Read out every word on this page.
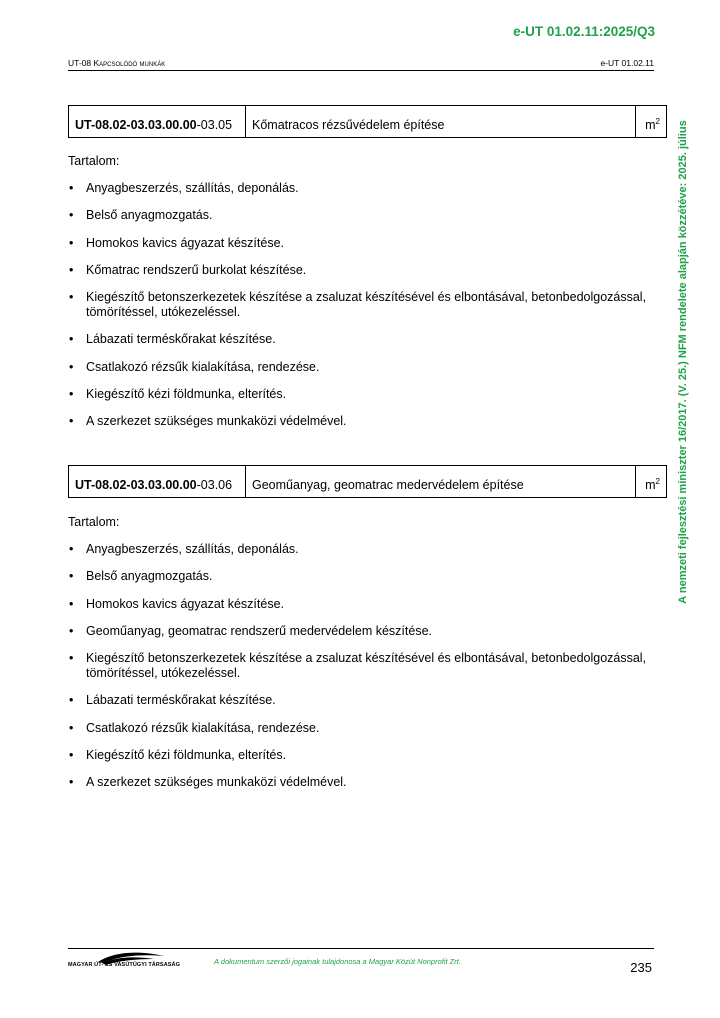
e-UT 01.02.11:2025/Q3
UT-08 Kapcsolódó munkák	e-UT 01.02.11
A nemzeti fejlesztési miniszter 16/2017. (V. 25.) NFM rendelete alapján közzétéve: 2025. július
UT-08.02-03.03.00.00-03.05	Kőmatracos rézsűvédelem építése	$m^2$
Tartalom:
• Anyagbeszerzés, szállítás, deponálás.
• Belső anyagmozgatás.
• Homokos kavics ágyazat készítése.
• Kőmatrac rendszerű burkolat készítése.
• Kiegészítő betonszerkezetek készítése a zsaluzat készítésével és elbontásával, betonbedolgozással, tömörítéssel, utókezeléssel.
• Lábazati terméskőrakat készítése.
• Csatlakozó rézsűk kialakítása, rendezése.
• Kiegészítő kézi földmunka, elterítés.
• A szerkezet szükséges munkaközi védelmével.
UT-08.02-03.03.00.00-03.06	Geoműanyag, geomatrac medervédelem építése	$m^2$
Tartalom:
• Anyagbeszerzés, szállítás, deponálás.
• Belső anyagmozgatás.
• Homokos kavics ágyazat készítése.
• Geoműanyag, geomatrac rendszerű medervédelem készítése.
• Kiegészítő betonszerkezetek készítése a zsaluzat készítésével és elbontásával, betonbedolgozással, tömörítéssel, utókezeléssel.
• Lábazati terméskőrakat készítése.
• Csatlakozó rézsűk kialakítása, rendezése.
• Kiegészítő kézi földmunka, elterítés.
• A szerkezet szükséges munkaközi védelmével.
MAGYAR ÚT- ÉS VASÚTÜGYI TÁRSASÁG	A dokumentum szerzői jogainak tulajdonosa a Magyar Közút Nonprofit Zrt.	235
